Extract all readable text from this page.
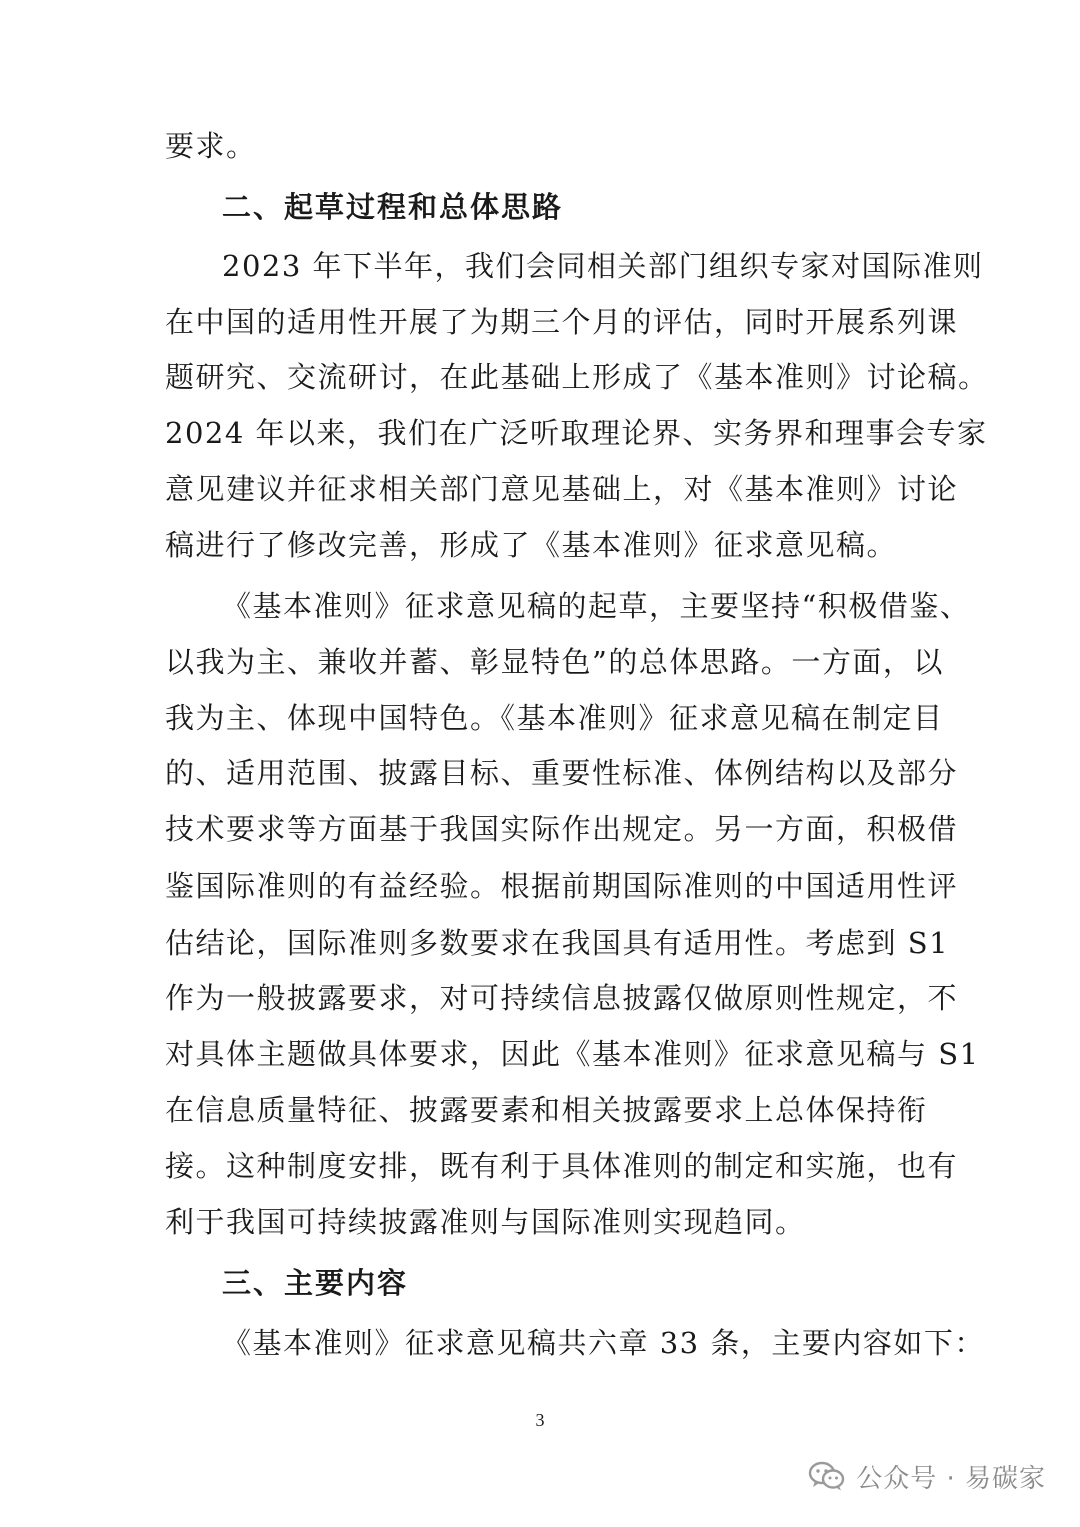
要求。
二、起草过程和总体思路
2023 年下半年，我们会同相关部门组织专家对国际准则
在中国的适用性开展了为期三个月的评估，同时开展系列课
题研究、交流研讨，在此基础上形成了《基本准则》讨论稿。
2024 年以来，我们在广泛听取理论界、实务界和理事会专家
意见建议并征求相关部门意见基础上，对《基本准则》讨论
稿进行了修改完善，形成了《基本准则》征求意见稿。
《基本准则》征求意见稿的起草，主要坚持“积极借鉴、
以我为主、兼收并蓄、彰显特色”的总体思路。一方面，以
我为主、体现中国特色。《基本准则》征求意见稿在制定目
的、适用范围、披露目标、重要性标准、体例结构以及部分
技术要求等方面基于我国实际作出规定。另一方面，积极借
鉴国际准则的有益经验。根据前期国际准则的中国适用性评
估结论，国际准则多数要求在我国具有适用性。考虑到 S1
作为一般披露要求，对可持续信息披露仅做原则性规定，不
对具体主题做具体要求，因此《基本准则》征求意见稿与 S1
在信息质量特征、披露要素和相关披露要求上总体保持衔
接。这种制度安排，既有利于具体准则的制定和实施，也有
利于我国可持续披露准则与国际准则实现趋同。
三、主要内容
《基本准则》征求意见稿共六章 33 条，主要内容如下：
3
公众号 · 易碳家
